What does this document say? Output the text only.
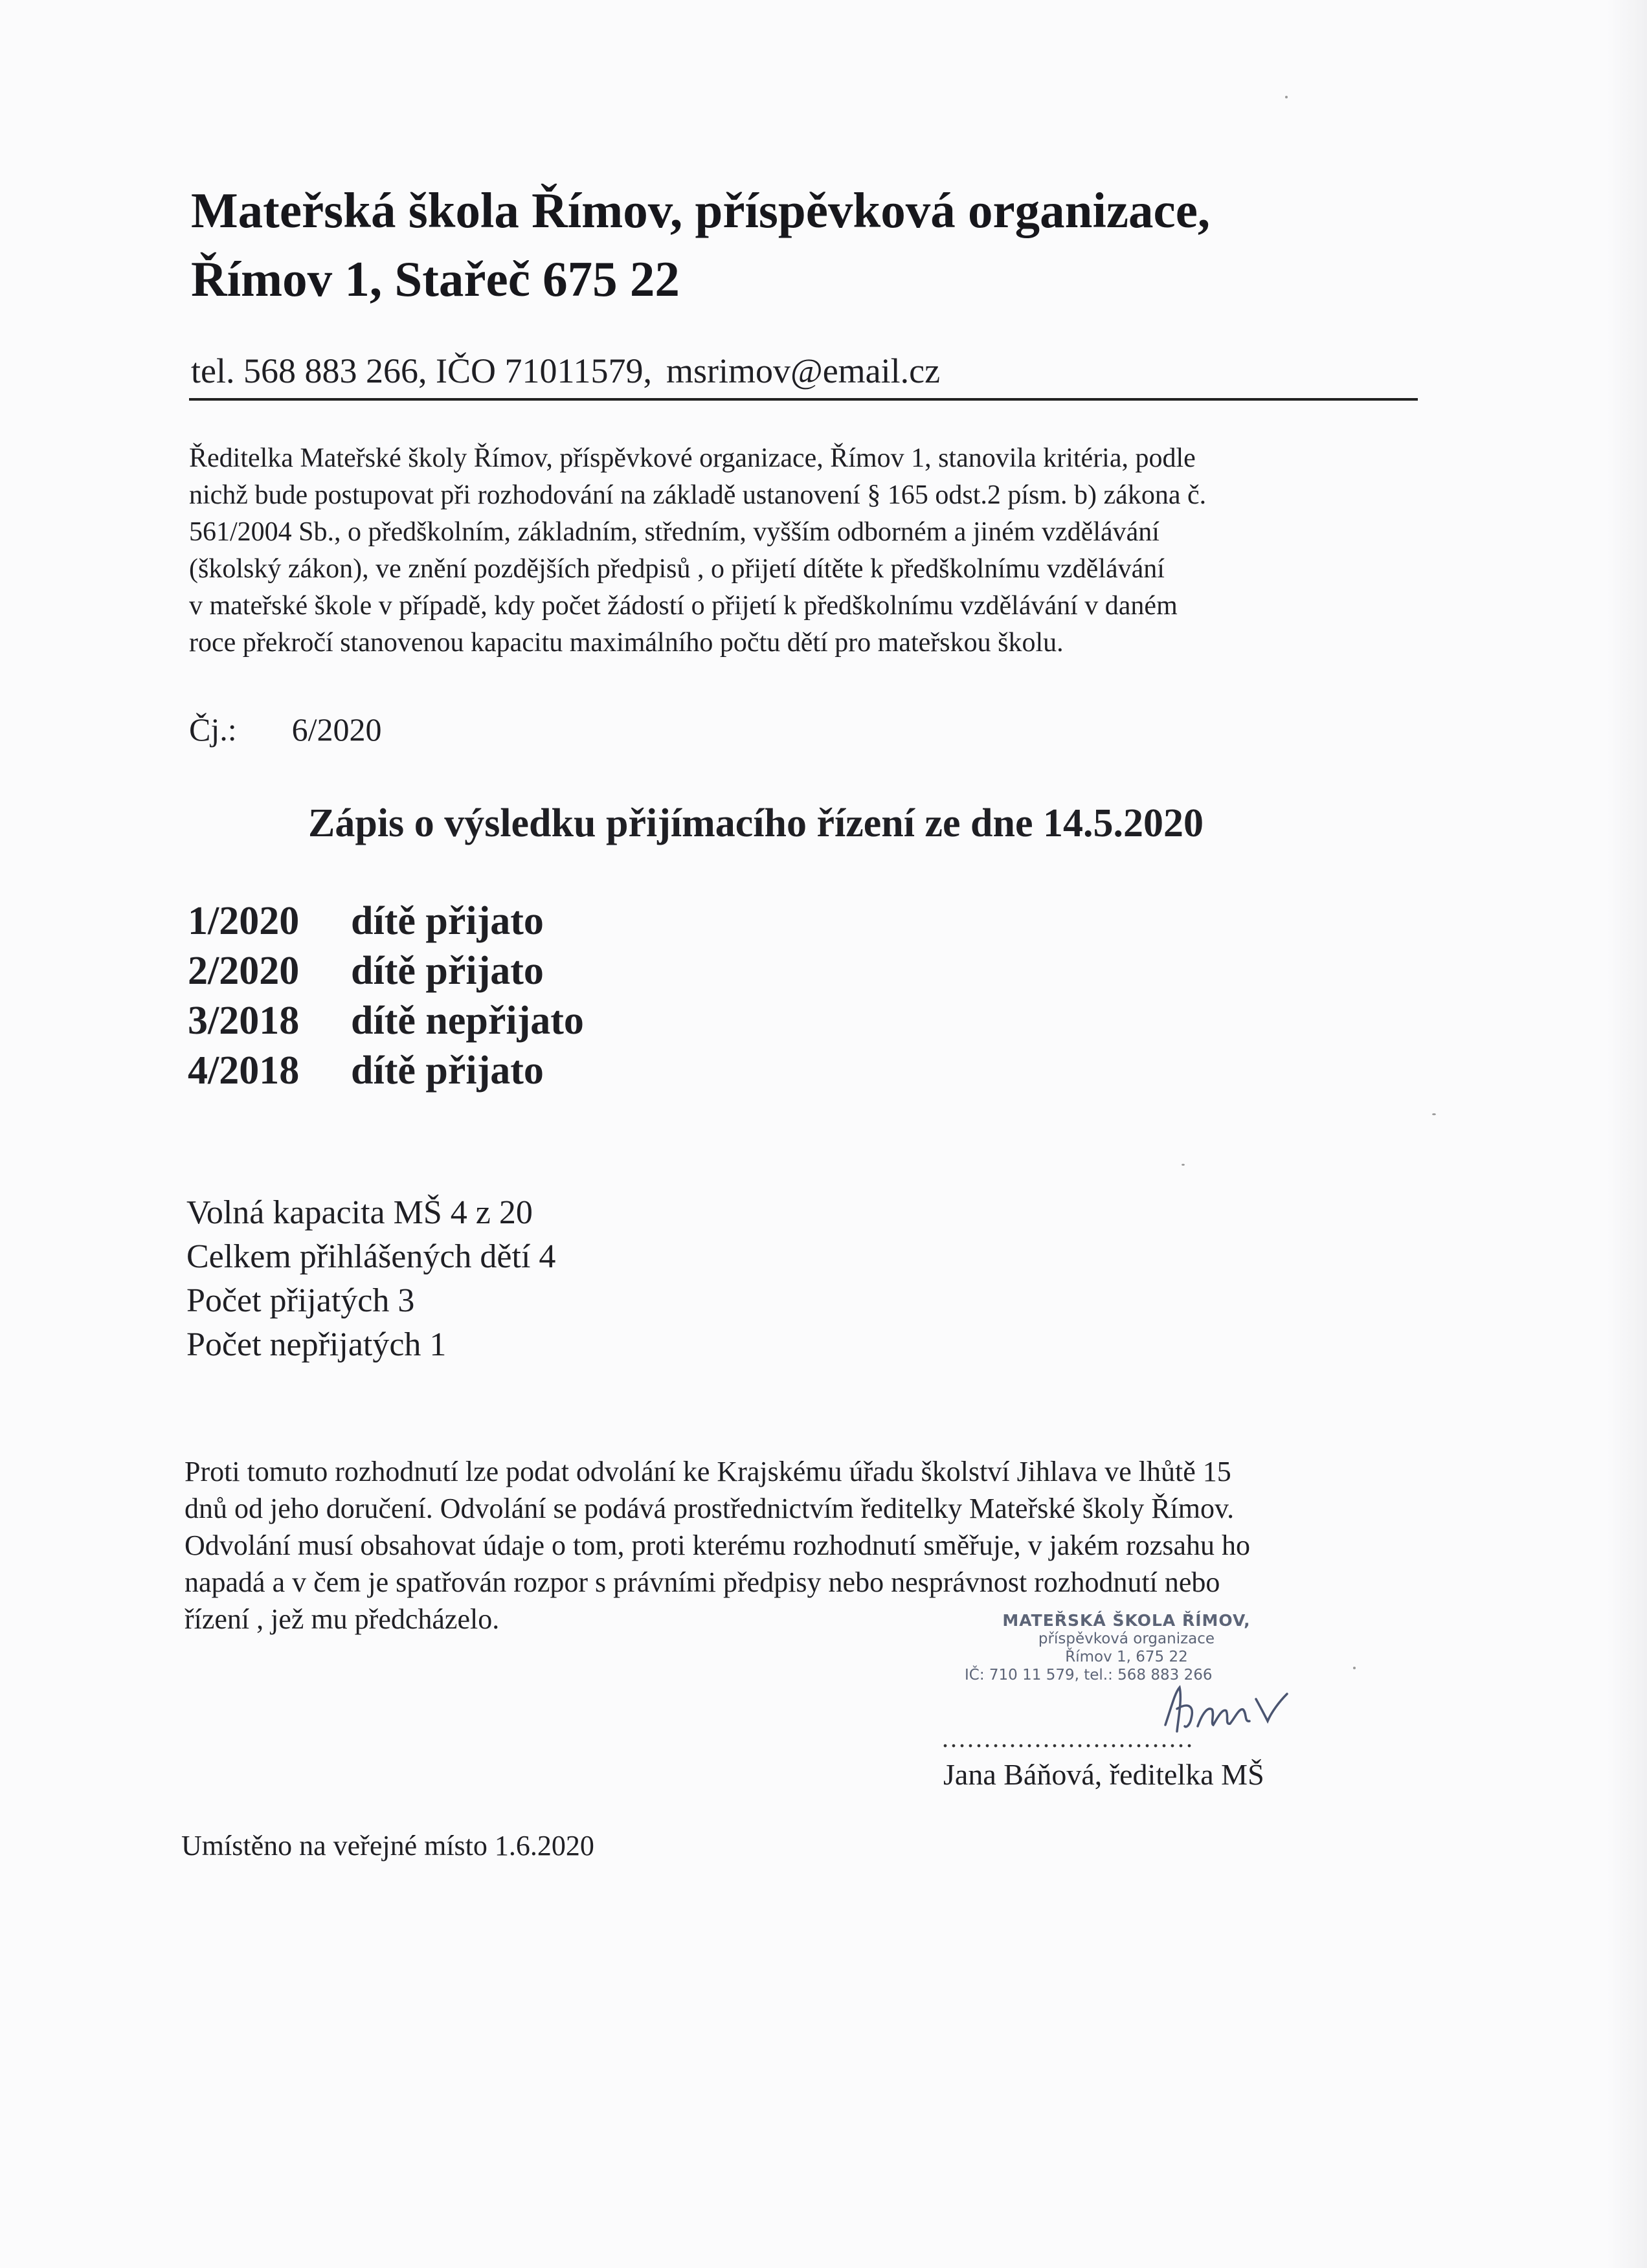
Mateřská škola Římov, příspěvková organizace,
Římov 1, Stařeč 675 22
tel. 568 883 266, IČO 71011579, msrimov@email.cz
Ředitelka Mateřské školy Římov, příspěvkové organizace, Římov 1, stanovila kritéria, podle
nichž bude postupovat při rozhodování na základě ustanovení § 165 odst.2 písm. b) zákona č.
561/2004 Sb., o předškolním, základním, středním, vyšším odborném a jiném vzdělávání
(školský zákon), ve znění pozdějších předpisů , o přijetí dítěte k předškolnímu vzdělávání
v mateřské škole v případě, kdy počet žádostí o přijetí k předškolnímu vzdělávání v daném
roce překročí stanovenou kapacitu maximálního počtu dětí pro mateřskou školu.
Čj.: 6/2020
Zápis o výsledku přijímacího řízení ze dne 14.5.2020
1/2020	dítě přijato
2/2020	dítě přijato
3/2018	dítě nepřijato
4/2018	dítě přijato
Volná kapacita MŠ 4 z 20
Celkem přihlášených dětí 4
Počet přijatých 3
Počet nepřijatých 1
Proti tomuto rozhodnutí lze podat odvolání ke Krajskému úřadu školství Jihlava ve lhůtě 15
dnů od jeho doručení. Odvolání se podává prostřednictvím ředitelky Mateřské školy Římov.
Odvolání musí obsahovat údaje o tom, proti kterému rozhodnutí směřuje, v jakém rozsahu ho
napadá a v čem je spatřován rozpor s právními předpisy nebo nesprávnost rozhodnutí nebo
řízení , jež mu předcházelo.	MATEŘSKÁ ŠKOLA ŘÍMOV,
příspěvková organizace
Římov 1, 675 22
IČ: 710 11 579, tel.: 568 883 266
..............................
Jana Báňová, ředitelka MŠ
Umístěno na veřejné místo 1.6.2020
